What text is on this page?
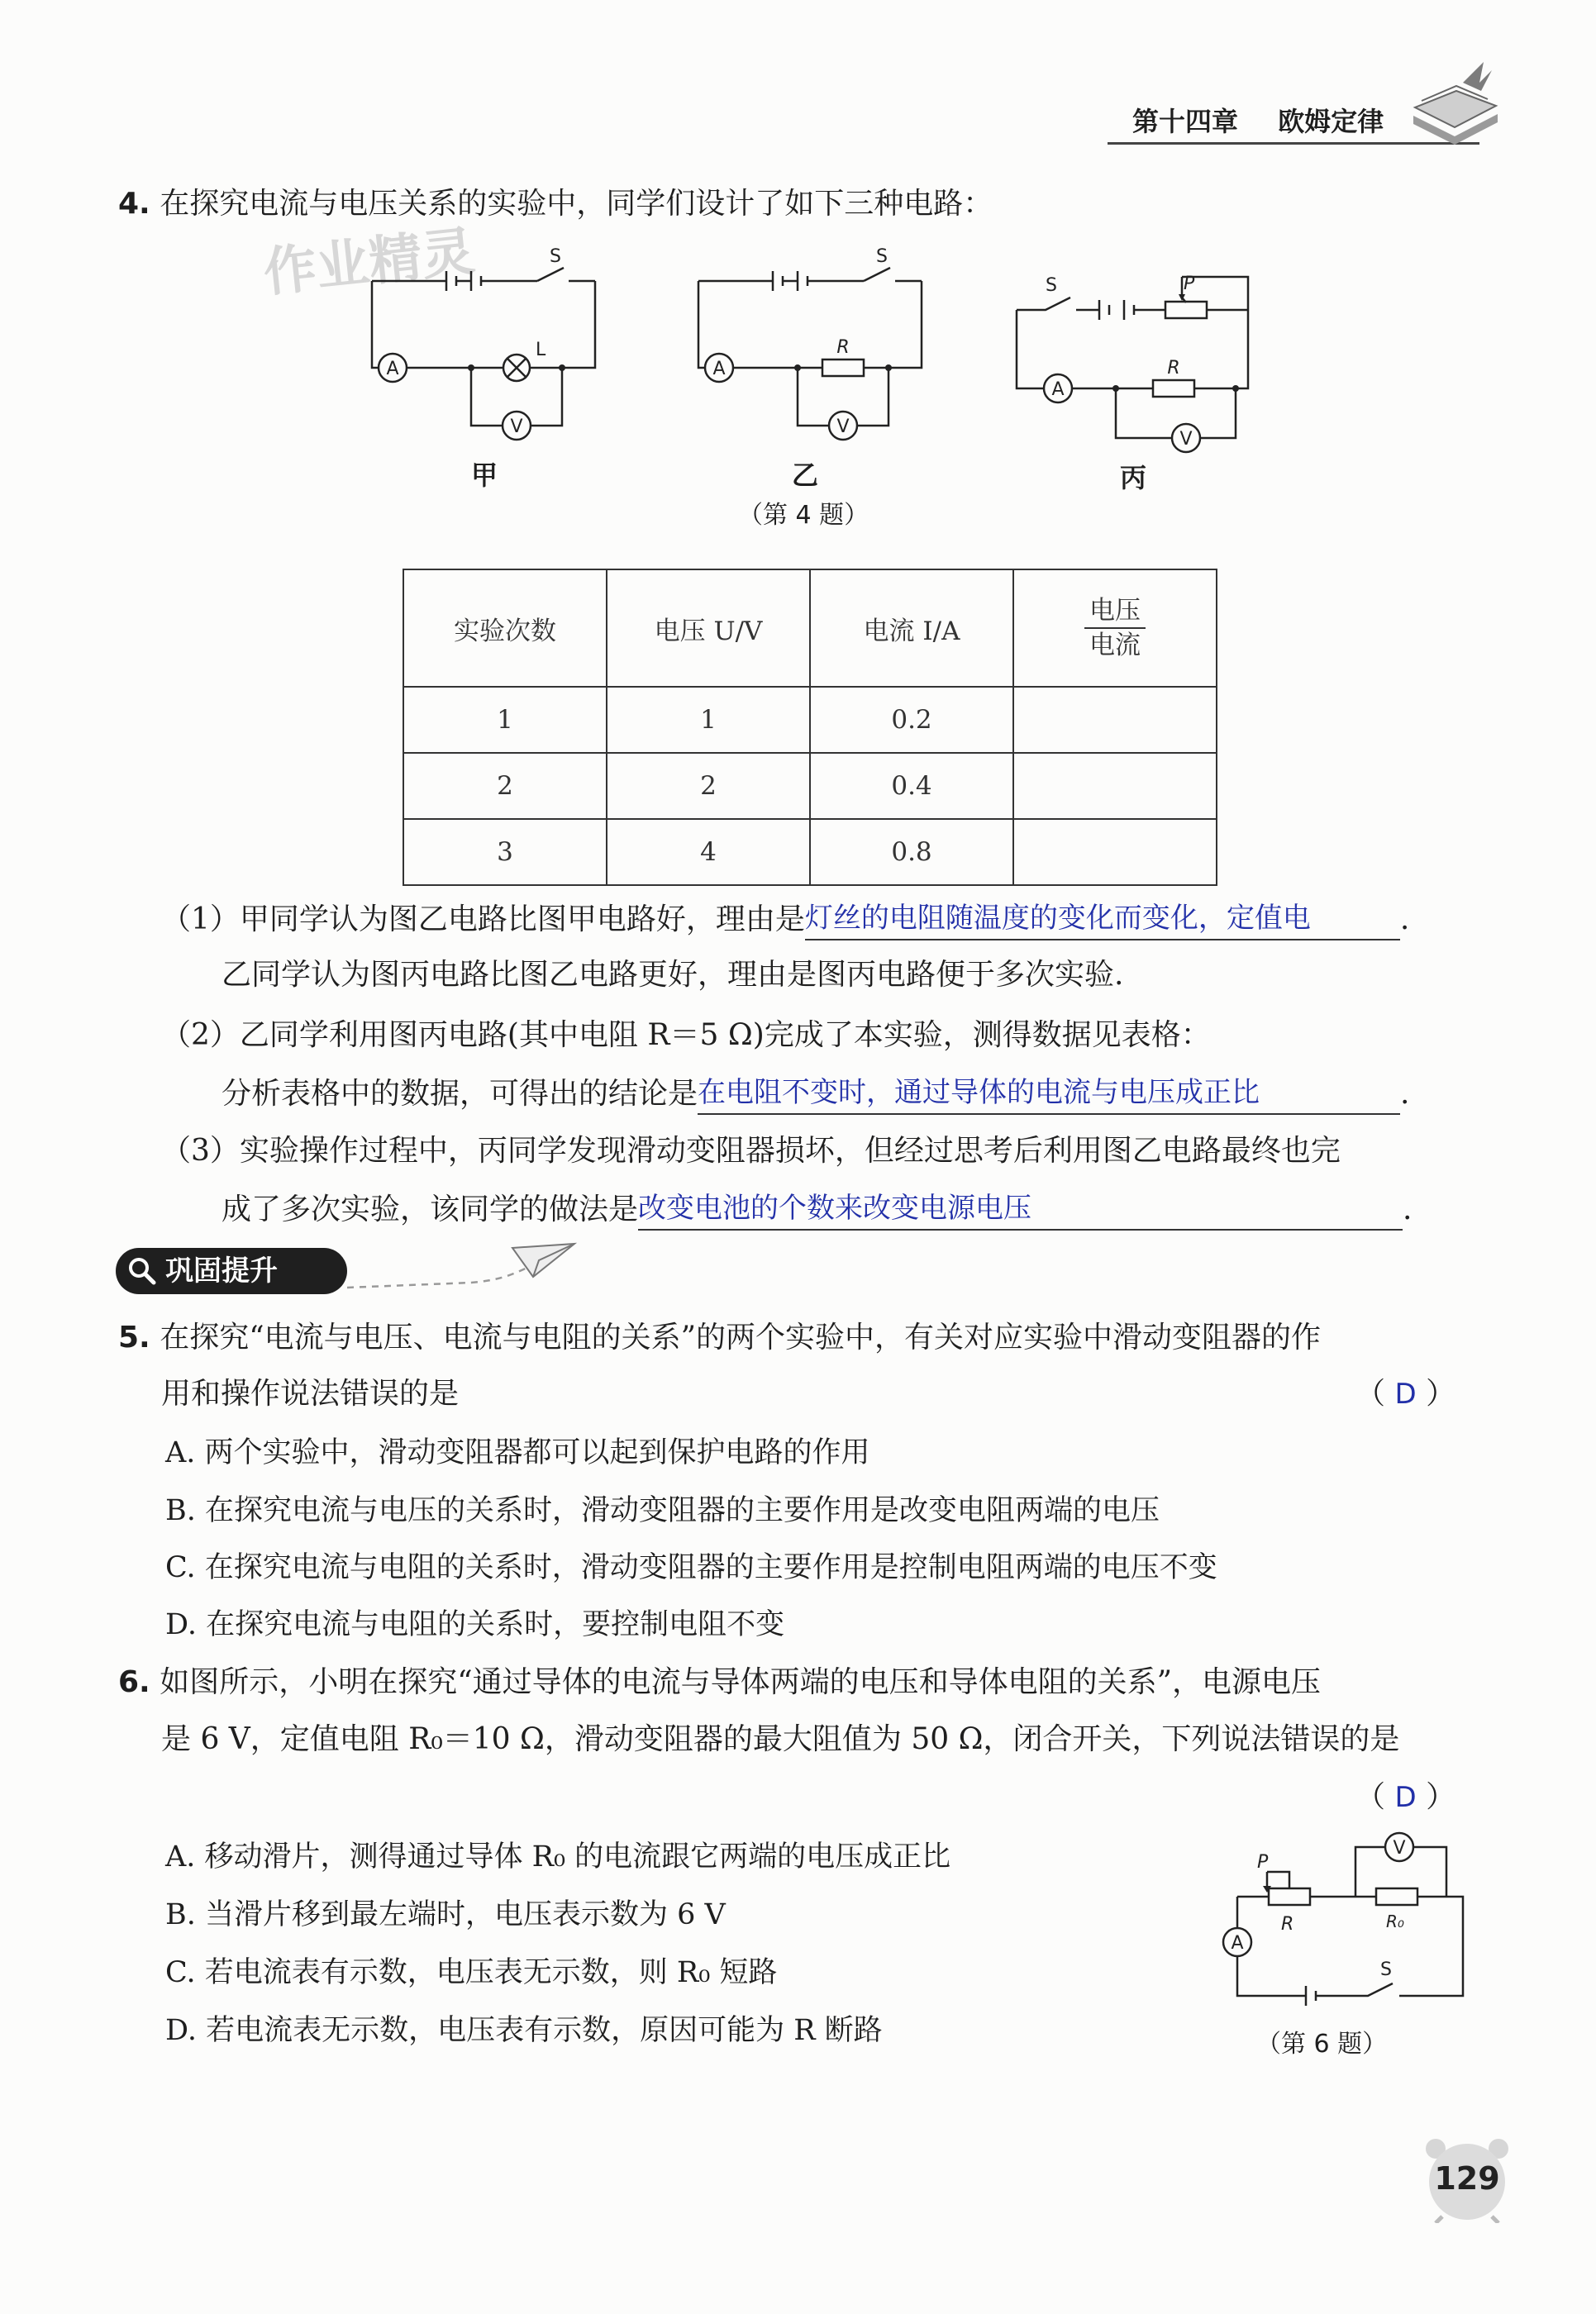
第十四章 欧姆定律
作业精灵
4. 在探究电流与电压关系的实验中，同学们设计了如下三种电路：
A
L
S
V
甲
A
R
S
V
乙
P
S
A
R
V
丙
（第 4 题）
实验次数	电压 U/V	电流 I/A	$\frac{\text{电压}}{\text{电流}}$

1	1	0.2	
2	2	0.4	
3	4	0.8	
（1）甲同学认为图乙电路比图甲电路好，理由是灯丝的电阻随温度的变化而变化，定值电	.
乙同学认为图丙电路比图乙电路更好，理由是图丙电路便于多次实验.
（2）乙同学利用图丙电路(其中电阻 R＝5 Ω)完成了本实验，测得数据见表格：
分析表格中的数据，可得出的结论是在电阻不变时，通过导体的电流与电压成正比	.
（3）实验操作过程中，丙同学发现滑动变阻器损坏，但经过思考后利用图乙电路最终也完
成了多次实验，该同学的做法是改变电池的个数来改变电源电压	.
巩固提升
5. 在探究“电流与电压、电流与电阻的关系”的两个实验中，有关对应实验中滑动变阻器的作
用和操作说法错误的是	（ D ）
A. 两个实验中，滑动变阻器都可以起到保护电路的作用
B. 在探究电流与电压的关系时，滑动变阻器的主要作用是改变电阻两端的电压
C. 在探究电流与电阻的关系时，滑动变阻器的主要作用是控制电阻两端的电压不变
D. 在探究电流与电阻的关系时，要控制电阻不变
6. 如图所示，小明在探究“通过导体的电流与导体两端的电压和导体电阻的关系”，电源电压
是 6 V，定值电阻 R₀＝10 Ω，滑动变阻器的最大阻值为 50 Ω，闭合开关，下列说法错误的是
（ D ）
A. 移动滑片，测得通过导体 R₀ 的电流跟它两端的电压成正比
B. 当滑片移到最左端时，电压表示数为 6 V
C. 若电流表有示数，电压表无示数，则 R₀ 短路
D. 若电流表无示数，电压表有示数，原因可能为 R 断路
P
R	R₀
V
A
S
（第 6 题）
129
